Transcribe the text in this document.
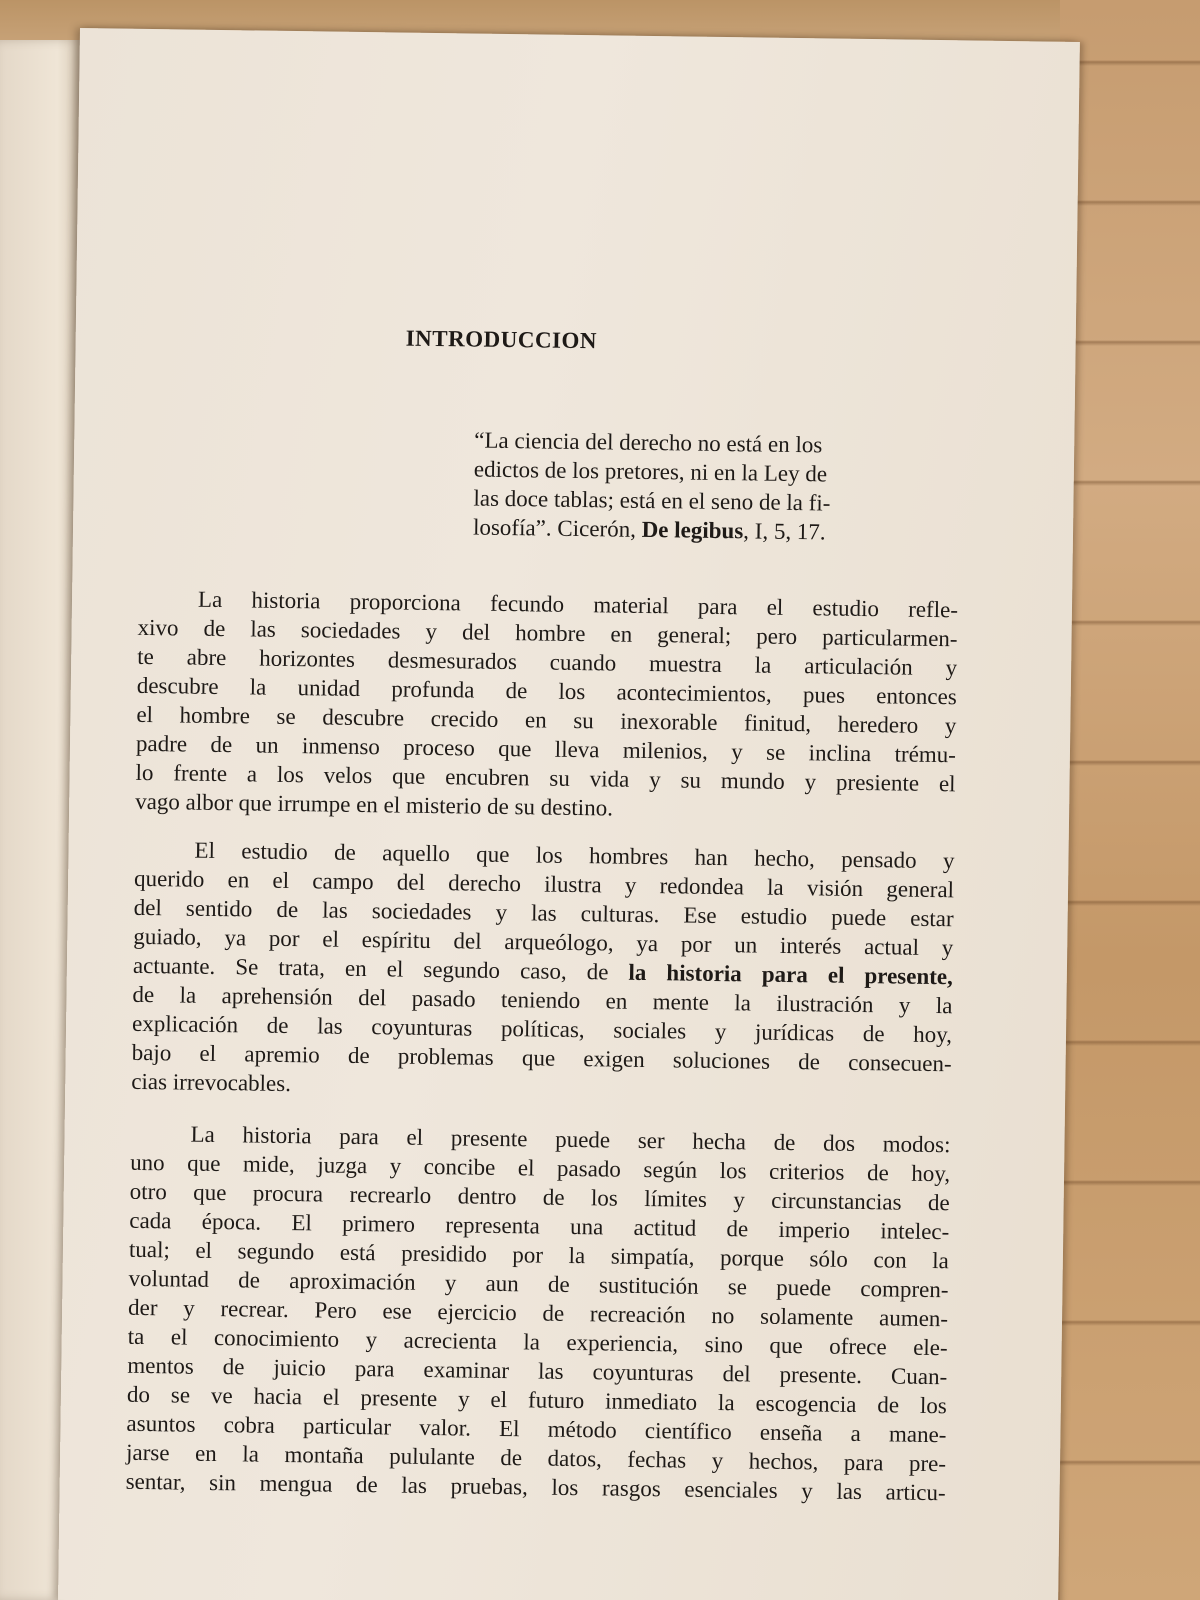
INTRODUCCION
“La ciencia del derecho no está en los
edictos de los pretores, ni en la Ley de
las doce tablas; está en el seno de la fi-
losofía”. Cicerón, De legibus, I, 5, 17.
La historia proporciona fecundo material para el estudio refle-
xivo de las sociedades y del hombre en general; pero particularmen-
te abre horizontes desmesurados cuando muestra la articulación y
descubre la unidad profunda de los acontecimientos, pues entonces
el hombre se descubre crecido en su inexorable finitud, heredero y
padre de un inmenso proceso que lleva milenios, y se inclina trému-
lo frente a los velos que encubren su vida y su mundo y presiente el
vago albor que irrumpe en el misterio de su destino.
El estudio de aquello que los hombres han hecho, pensado y
querido en el campo del derecho ilustra y redondea la visión general
del sentido de las sociedades y las culturas. Ese estudio puede estar
guiado, ya por el espíritu del arqueólogo, ya por un interés actual y
actuante. Se trata, en el segundo caso, de la historia para el presente,
de la aprehensión del pasado teniendo en mente la ilustración y la
explicación de las coyunturas políticas, sociales y jurídicas de hoy,
bajo el apremio de problemas que exigen soluciones de consecuen-
cias irrevocables.
La historia para el presente puede ser hecha de dos modos:
uno que mide, juzga y concibe el pasado según los criterios de hoy,
otro que procura recrearlo dentro de los límites y circunstancias de
cada época. El primero representa una actitud de imperio intelec-
tual; el segundo está presidido por la simpatía, porque sólo con la
voluntad de aproximación y aun de sustitución se puede compren-
der y recrear. Pero ese ejercicio de recreación no solamente aumen-
ta el conocimiento y acrecienta la experiencia, sino que ofrece ele-
mentos de juicio para examinar las coyunturas del presente. Cuan-
do se ve hacia el presente y el futuro inmediato la escogencia de los
asuntos cobra particular valor. El método científico enseña a mane-
jarse en la montaña pululante de datos, fechas y hechos, para pre-
sentar, sin mengua de las pruebas, los rasgos esenciales y las articu-
